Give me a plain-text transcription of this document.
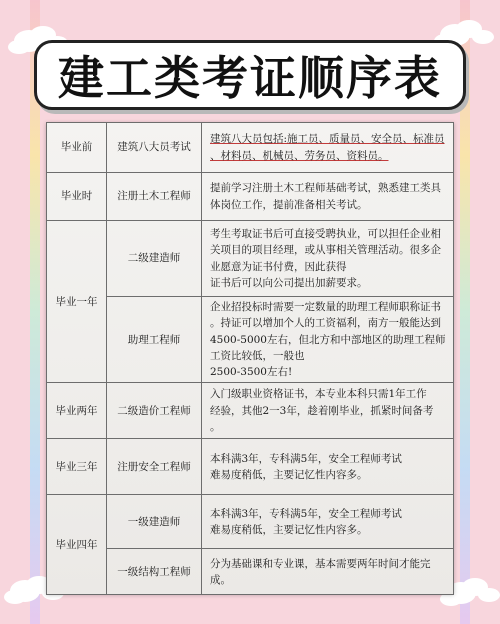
建工类考证顺序表
毕业前	建筑八大员考试	建筑八大员包括:施工员、质量员、安全员、标准员
、材料员、机械员、劳务员、资料员。

毕业时	注册土木工程师	提前学习注册土木工程师基础考试，熟悉建工类具
体岗位工作，提前准备相关考试。

毕业一年	二级建造师	考生考取证书后可直接受聘执业，可以担任企业相
关项目的项目经理，或从事相关管理活动。很多企
业愿意为证书付费，因此获得
证书后可以向公司提出加薪要求。

	助理工程师	企业招投标时需要一定数量的助理工程师职称证书
。持证可以增加个人的工资福利，南方一般能达到
4500-5000左右，但北方和中部地区的助理工程师
工资比较低，一般也
2500-3500左右!

毕业两年	二级造价工程师	入门级职业资格证书，本专业本科只需1年工作
经验，其他2一3年，趁着刚毕业，抓紧时间备考
。

毕业三年	注册安全工程师	本科满3年，专科满5年，安全工程师考试
难易度稍低，主要记忆性内容多。

毕业四年	一级建造师	本科满3年，专科满5年，安全工程师考试
难易度稍低，主要记忆性内容多。

	一级结构工程师	分为基础课和专业课，基本需要两年时间才能完
成。
